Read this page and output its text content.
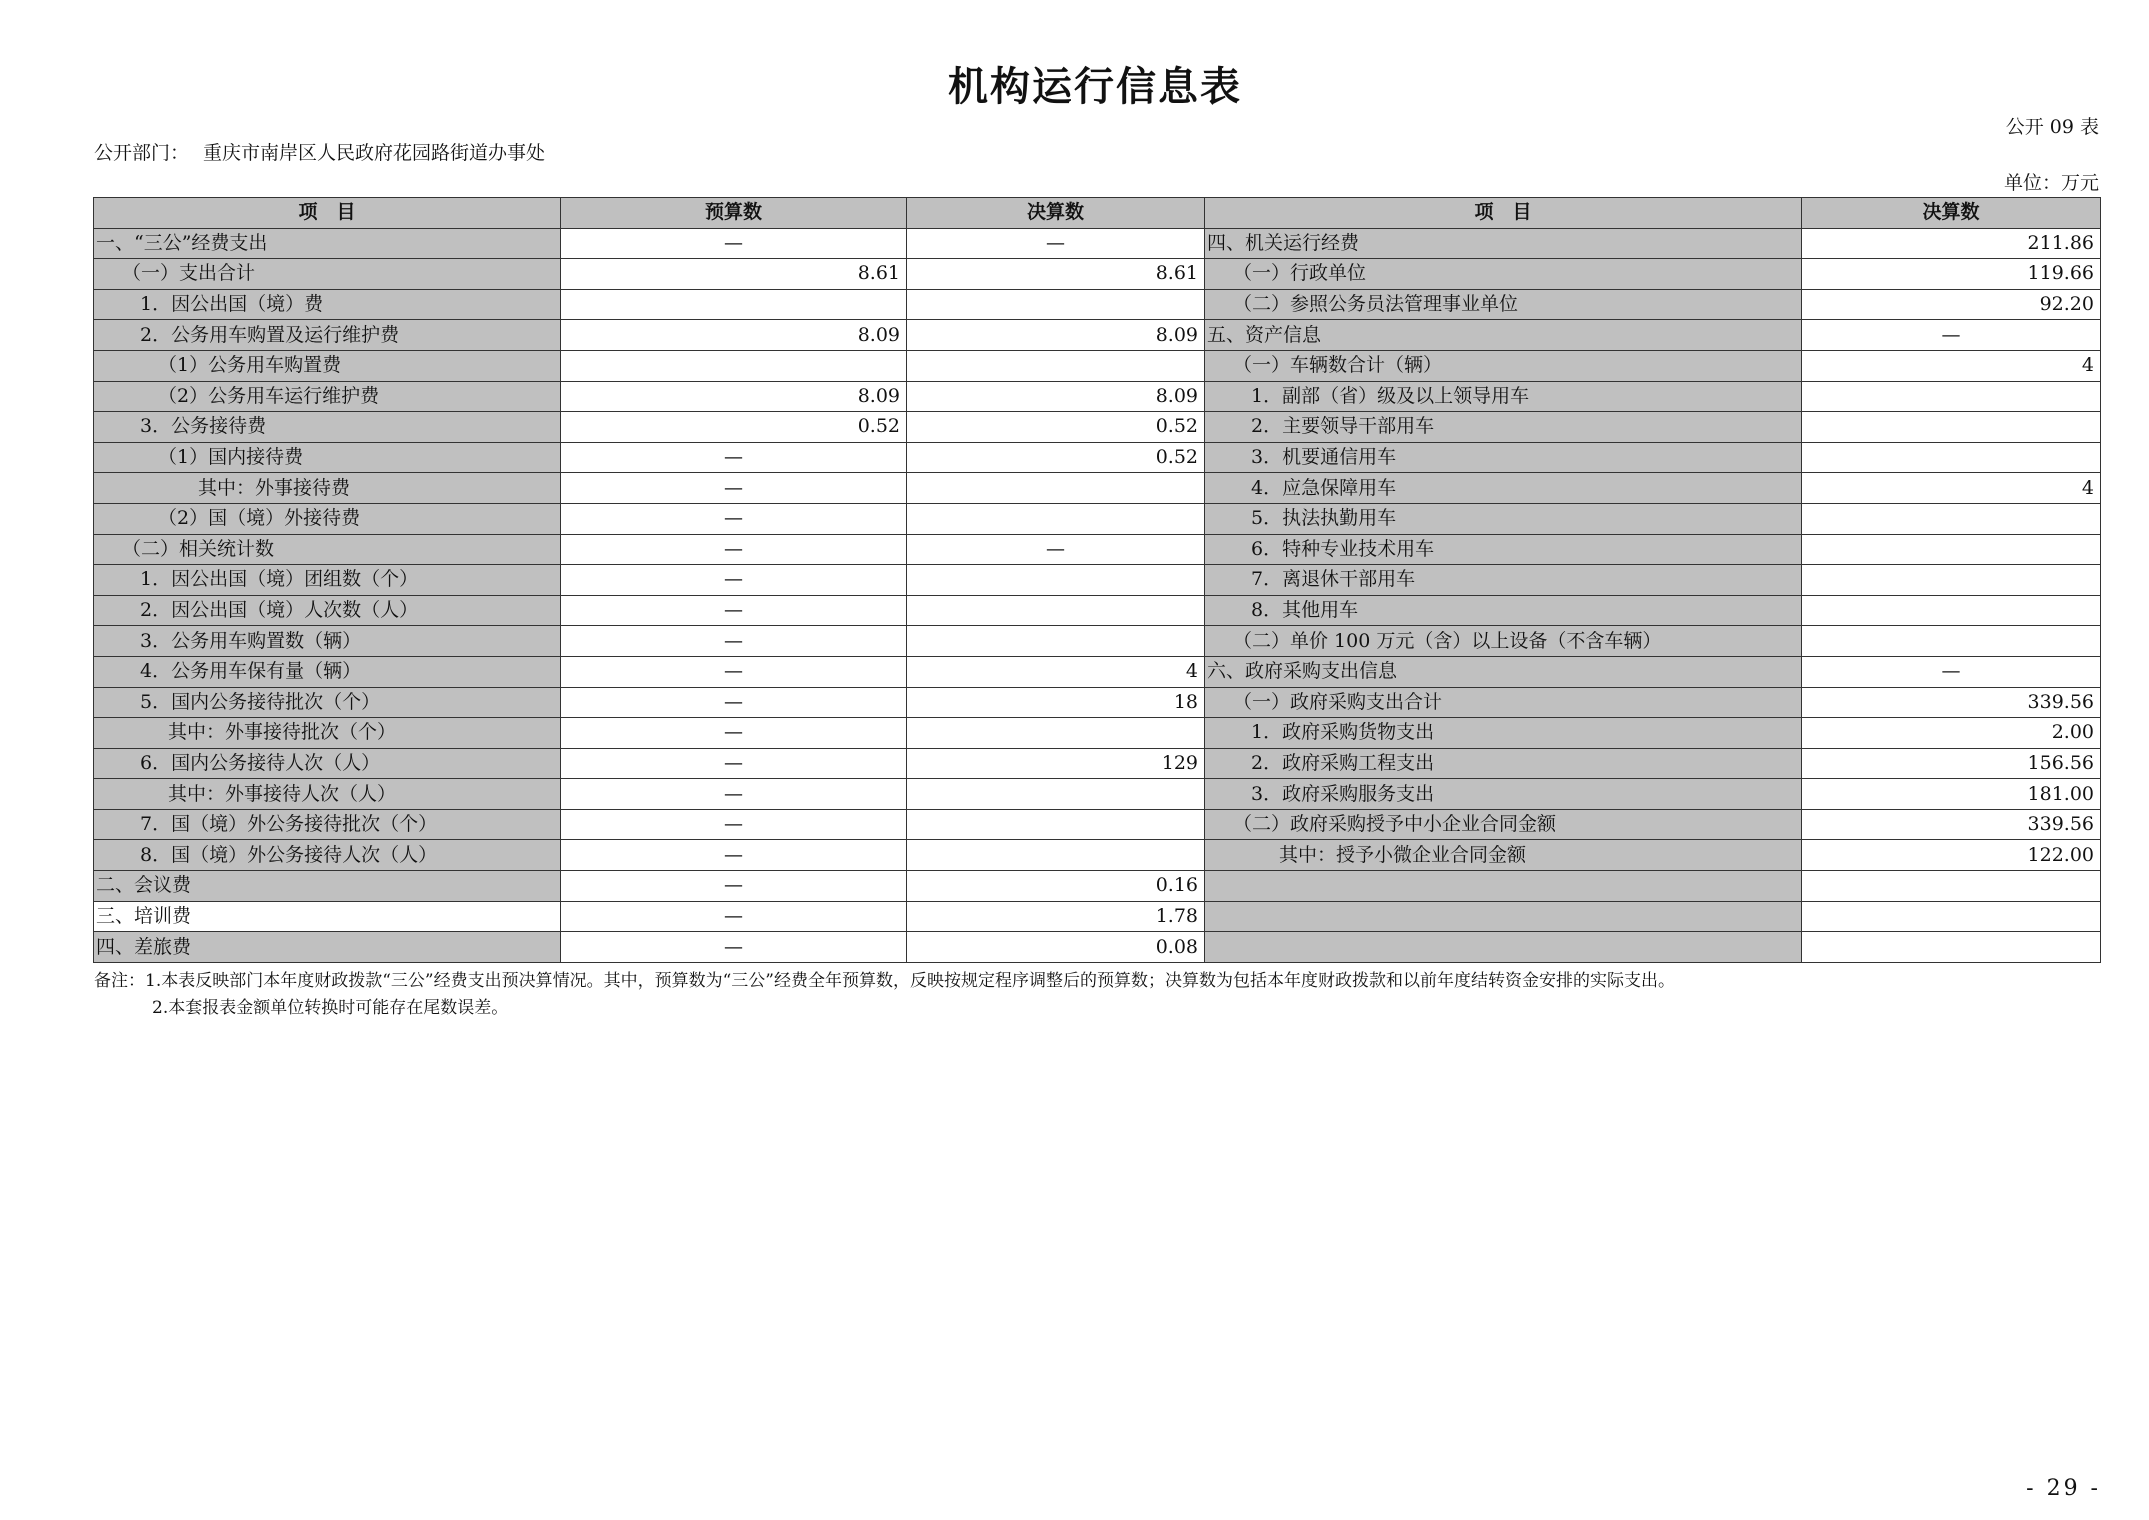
机构运行信息表
公开 09 表
公开部门： 重庆市南岸区人民政府花园路街道办事处
单位：万元
项　目	预算数	决算数	项　目	决算数
一、“三公”经费支出	—	—	四、机关运行经费	211.86
（一）支出合计	8.61	8.61	（一）行政单位	119.66
1．因公出国（境）费			（二）参照公务员法管理事业单位	92.20
2．公务用车购置及运行维护费	8.09	8.09	五、资产信息	—
（1）公务用车购置费			（一）车辆数合计（辆）	4
（2）公务用车运行维护费	8.09	8.09	1．副部（省）级及以上领导用车	
3．公务接待费	0.52	0.52	2．主要领导干部用车	
（1）国内接待费	—	0.52	3．机要通信用车	
其中：外事接待费	—		4．应急保障用车	4
（2）国（境）外接待费	—		5．执法执勤用车	
（二）相关统计数	—	—	6．特种专业技术用车	
1．因公出国（境）团组数（个）	—		7．离退休干部用车	
2．因公出国（境）人次数（人）	—		8．其他用车	
3．公务用车购置数（辆）	—		（二）单价 100 万元（含）以上设备（不含车辆）	
4．公务用车保有量（辆）	—	4	六、政府采购支出信息	—
5．国内公务接待批次（个）	—	18	（一）政府采购支出合计	339.56
其中：外事接待批次（个）	—		1．政府采购货物支出	2.00
6．国内公务接待人次（人）	—	129	2．政府采购工程支出	156.56
其中：外事接待人次（人）	—		3．政府采购服务支出	181.00
7．国（境）外公务接待批次（个）	—		（二）政府采购授予中小企业合同金额	339.56
8．国（境）外公务接待人次（人）	—		其中：授予小微企业合同金额	122.00
二、会议费	—	0.16		
三、培训费	—	1.78		
四、差旅费	—	0.08		
备注：1.本表反映部门本年度财政拨款“三公”经费支出预决算情况。其中，预算数为“三公”经费全年预算数，反映按规定程序调整后的预算数；决算数为包括本年度财政拨款和以前年度结转资金安排的实际支出。
2.本套报表金额单位转换时可能存在尾数误差。
- 29 -
